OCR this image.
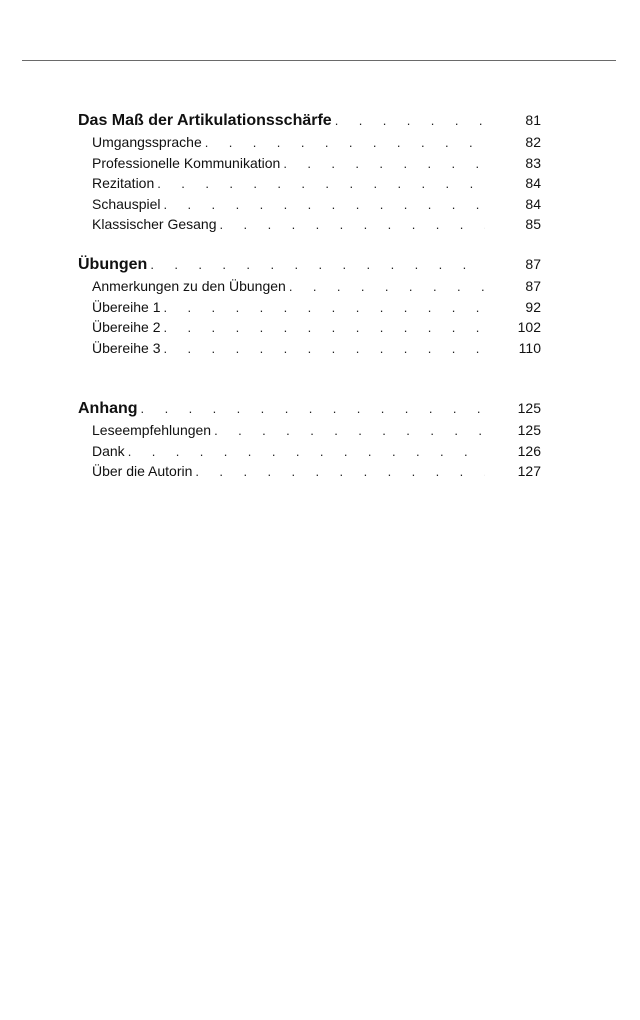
Das Maß der Artikulationsschärfe . . .	81
Umgangssprache . . .	82
Professionelle Kommunikation . . .	83
Rezitation . . .	84
Schauspiel . . .	84
Klassischer Gesang . . .	85
Übungen . . .	87
Anmerkungen zu den Übungen . . .	87
Übereihe 1 . . .	92
Übereihe 2 . . .	102
Übereihe 3 . . .	110
Anhang . . .	125
Leseempfehlungen . . .	125
Dank . . .	126
Über die Autorin . . .	127
